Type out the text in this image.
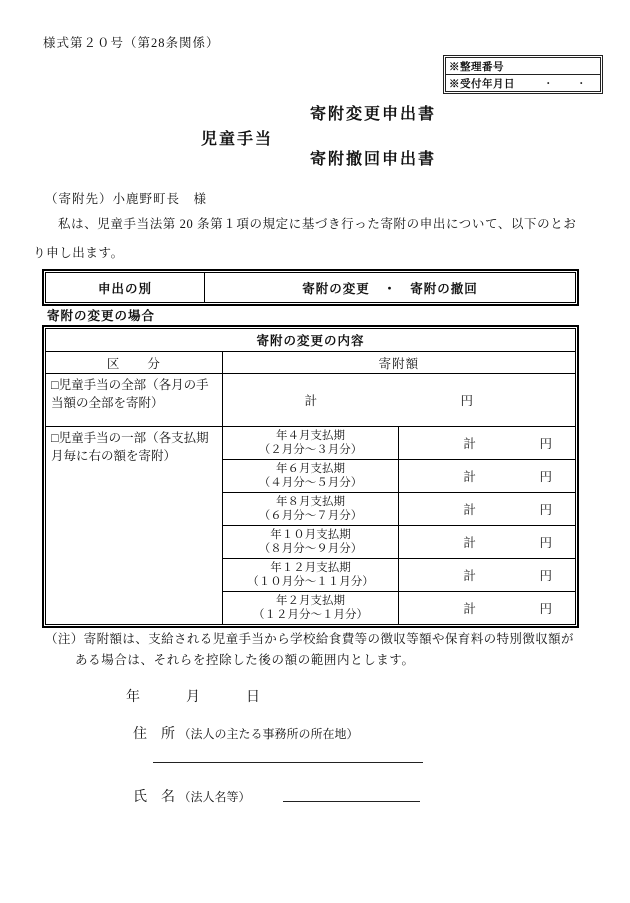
様式第２０号（第28条関係）
※整理番号
※受付年月日	・　　・
児童手当
寄附変更申出書
寄附撤回申出書
（寄附先）小鹿野町長　様
私は、児童手当法第 20 条第１項の規定に基づき行った寄附の申出について、以下のとお
り申し出ます。
申出の別	寄附の変更　・　寄附の撤回
寄附の変更の場合
寄附の変更の内容		
区　　分	寄附額	
□児童手当の全部（各月の手当額の全部を寄附）	計 円	

□児童手当の一部（各支払期月毎に右の額を寄附）	
年４月支払期
（２月分～３月分）	計	円

年６月支払期
（４月分～５月分）	計	円

年８月支払期
（６月分～７月分）	計	円

年１０月支払期
（８月分～９月分）	計	円

年１２月支払期
（１０月分～１１月分）	計	円

年２月支払期
（１２月分～１月分）	計	円
（注）寄附額は、支給される児童手当から学校給食費等の徴収等額や保育料の特別徴収額が
ある場合は、それらを控除した後の額の範囲内とします。
年　　月　　日
住　所 （法人の主たる事務所の所在地）
氏　名 （法人名等）
